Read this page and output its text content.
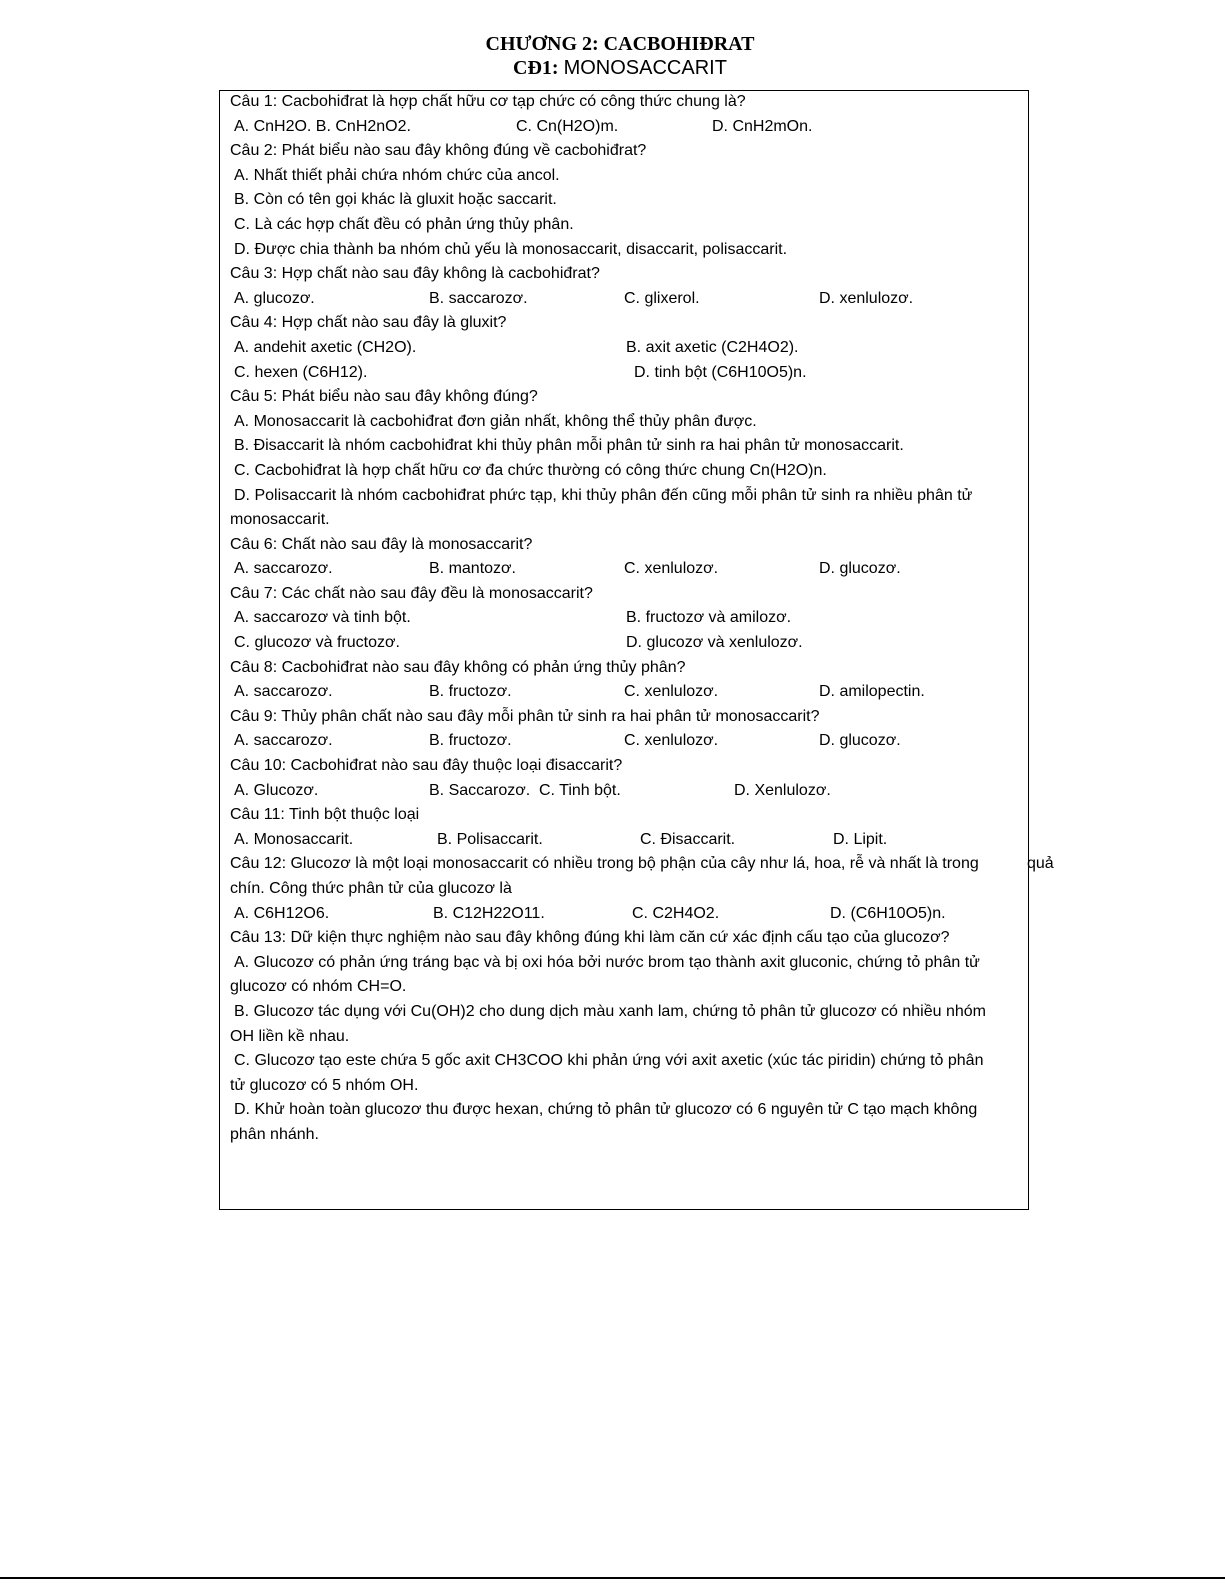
CHƯƠNG 2: CACBOHIĐRAT
CĐ1: MONOSACCARIT
Câu 1: Cacbohiđrat là hợp chất hữu cơ tạp chức có công thức chung là?
A. CnH2O. B. CnH2nO2.	C. Cn(H2O)m.	D. CnH2mOn.
Câu 2: Phát biểu nào sau đây không đúng về cacbohiđrat?
A. Nhất thiết phải chứa nhóm chức của ancol.
B. Còn có tên gọi khác là gluxit hoặc saccarit.
C. Là các hợp chất đều có phản ứng thủy phân.
D. Được chia thành ba nhóm chủ yếu là monosaccarit, disaccarit, polisaccarit.
Câu 3: Hợp chất nào sau đây không là cacbohiđrat?
A. glucozơ.	B. saccarozơ.	C. glixerol.	D. xenlulozơ.
Câu 4: Hợp chất nào sau đây là gluxit?
A. andehit axetic (CH2O).	B. axit axetic (C2H4O2).
C. hexen (C6H12).	D. tinh bột (C6H10O5)n.
Câu 5: Phát biểu nào sau đây không đúng?
A. Monosaccarit là cacbohiđrat đơn giản nhất, không thể thủy phân được.
B. Đisaccarit là nhóm cacbohiđrat khi thủy phân mỗi phân tử sinh ra hai phân tử monosaccarit.
C. Cacbohiđrat là hợp chất hữu cơ đa chức thường có công thức chung Cn(H2O)n.
D. Polisaccarit là nhóm cacbohiđrat phức tạp, khi thủy phân đến cũng mỗi phân tử sinh ra nhiều phân tử
monosaccarit.
Câu 6: Chất nào sau đây là monosaccarit?
A. saccarozơ.	B. mantozơ.	C. xenlulozơ.	D. glucozơ.
Câu 7: Các chất nào sau đây đều là monosaccarit?
A. saccarozơ và tinh bột.	B. fructozơ và amilozơ.
C. glucozơ và fructozơ.	D. glucozơ và xenlulozơ.
Câu 8: Cacbohiđrat nào sau đây không có phản ứng thủy phân?
A. saccarozơ.	B. fructozơ.	C. xenlulozơ.	D. amilopectin.
Câu 9: Thủy phân chất nào sau đây mỗi phân tử sinh ra hai phân tử monosaccarit?
A. saccarozơ.	B. fructozơ.	C. xenlulozơ.	D. glucozơ.
Câu 10: Cacbohiđrat nào sau đây thuộc loại đisaccarit?
A. Glucozơ.	B. Saccarozơ. C. Tinh bột.	D. Xenlulozơ.
Câu 11: Tinh bột thuộc loại
A. Monosaccarit.	B. Polisaccarit.	C. Đisaccarit.	D. Lipit.
Câu 12: Glucozơ là một loại monosaccarit có nhiều trong bộ phận của cây như lá, hoa, rễ và nhất là trong	quả
chín. Công thức phân tử của glucozơ là
A. C6H12O6.	B. C12H22O11.	C. C2H4O2.	D. (C6H10O5)n.
Câu 13: Dữ kiện thực nghiệm nào sau đây không đúng khi làm căn cứ xác định cấu tạo của glucozơ?
A. Glucozơ có phản ứng tráng bạc và bị oxi hóa bởi nước brom tạo thành axit gluconic, chứng tỏ phân tử
glucozơ có nhóm CH=O.
B. Glucozơ tác dụng với Cu(OH)2 cho dung dịch màu xanh lam, chứng tỏ phân tử glucozơ có nhiều nhóm
OH liền kề nhau.
C. Glucozơ tạo este chứa 5 gốc axit CH3COO khi phản ứng với axit axetic (xúc tác piridin) chứng tỏ phân
tử glucozơ có 5 nhóm OH.
D. Khử hoàn toàn glucozơ thu được hexan, chứng tỏ phân tử glucozơ có 6 nguyên tử C tạo mạch không
phân nhánh.
